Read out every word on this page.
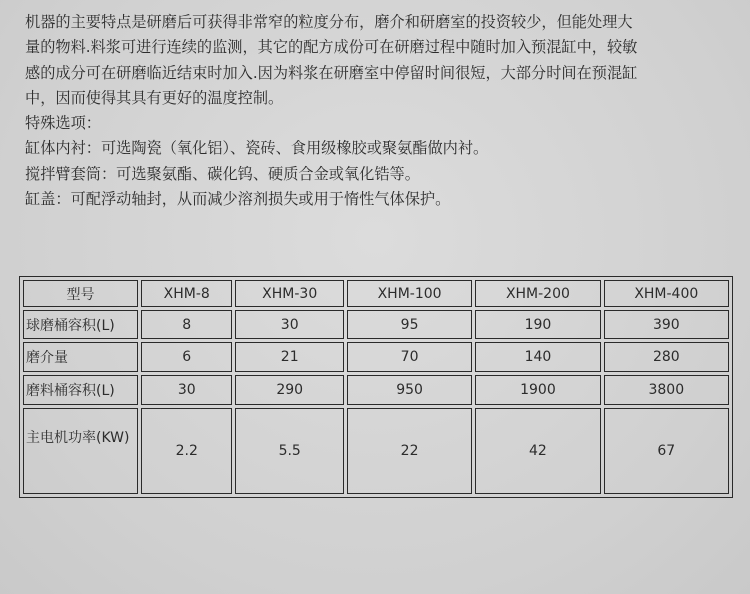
机器的主要特点是研磨后可获得非常窄的粒度分布，磨介和研磨室的投资较少，但能处理大
量的物料.料浆可进行连续的监测，其它的配方成份可在研磨过程中随时加入预混缸中，较敏
感的成分可在研磨临近结束时加入.因为料浆在研磨室中停留时间很短，大部分时间在预混缸
中，因而使得其具有更好的温度控制。
特殊选项：
缸体内衬：可选陶瓷（氧化铝）、瓷砖、食用级橡胶或聚氨酯做内衬。
搅拌臂套筒：可选聚氨酯、碳化钨、硬质合金或氧化锆等。
缸盖：可配浮动轴封，从而减少溶剂损失或用于惰性气体保护。
型号	XHM-8	XHM-30	XHM-100	XHM-200	XHM-400
球磨桶容积(L)	8	30	95	190	390
磨介量	6	21	70	140	280
磨料桶容积(L)	30	290	950	1900	3800
主电机功率(KW)	2.2	5.5	22	42	67
